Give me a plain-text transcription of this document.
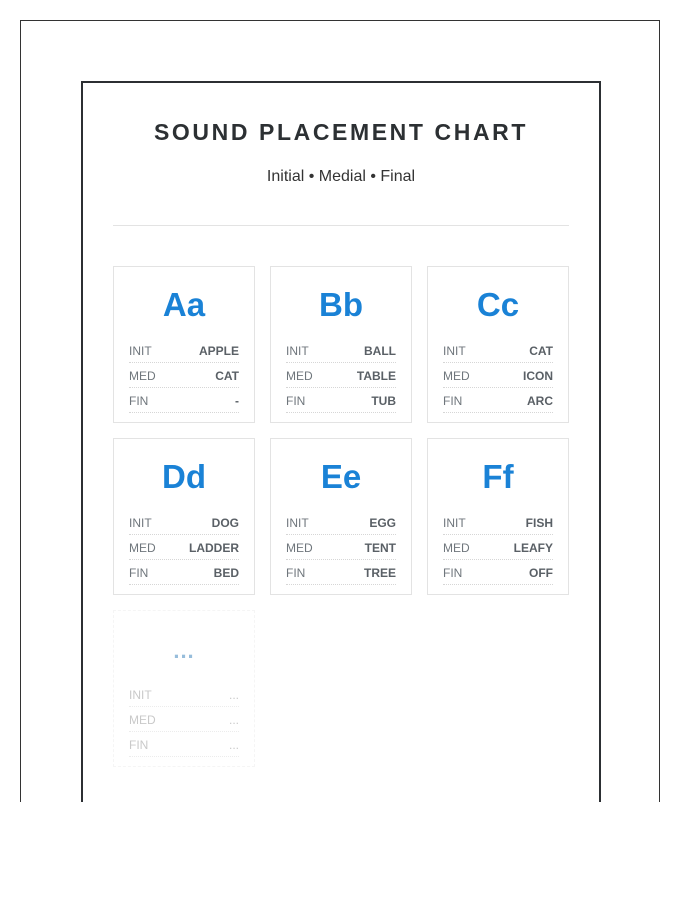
SOUND PLACEMENT CHART
Initial • Medial • Final
Aa
INIT	APPLE
MED	CAT
FIN	-
Bb
INIT	BALL
MED	TABLE
FIN	TUB
Cc
INIT	CAT
MED	ICON
FIN	ARC
Dd
INIT	DOG
MED	LADDER
FIN	BED
Ee
INIT	EGG
MED	TENT
FIN	TREE
Ff
INIT	FISH
MED	LEAFY
FIN	OFF
...
INIT	...
MED	...
FIN	...
